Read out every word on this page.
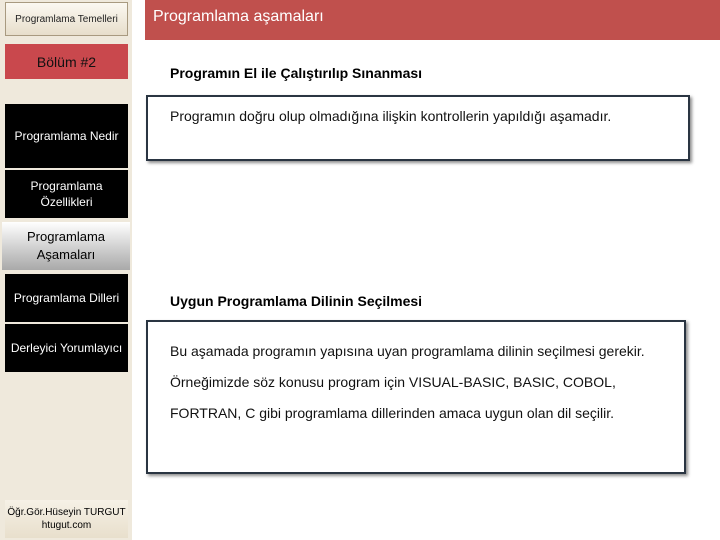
Programlama Temelleri
Bölüm #2
Programlama Nedir
Programlama Özellikleri
Programlama Aşamaları
Programlama Dilleri
Derleyici Yorumlayıcı
Öğr.Gör.Hüseyin TURGUT htugut.com
Programlama aşamaları
Programın El ile Çalıştırılıp Sınanması
Programın doğru olup olmadığına ilişkin kontrollerin yapıldığı aşamadır.
Uygun Programlama Dilinin Seçilmesi
Bu aşamada programın yapısına uyan programlama dilinin seçilmesi gerekir. Örneğimizde söz konusu program için VISUAL-BASIC, BASIC, COBOL, FORTRAN, C gibi programlama dillerinden amaca uygun olan dil seçilir.
